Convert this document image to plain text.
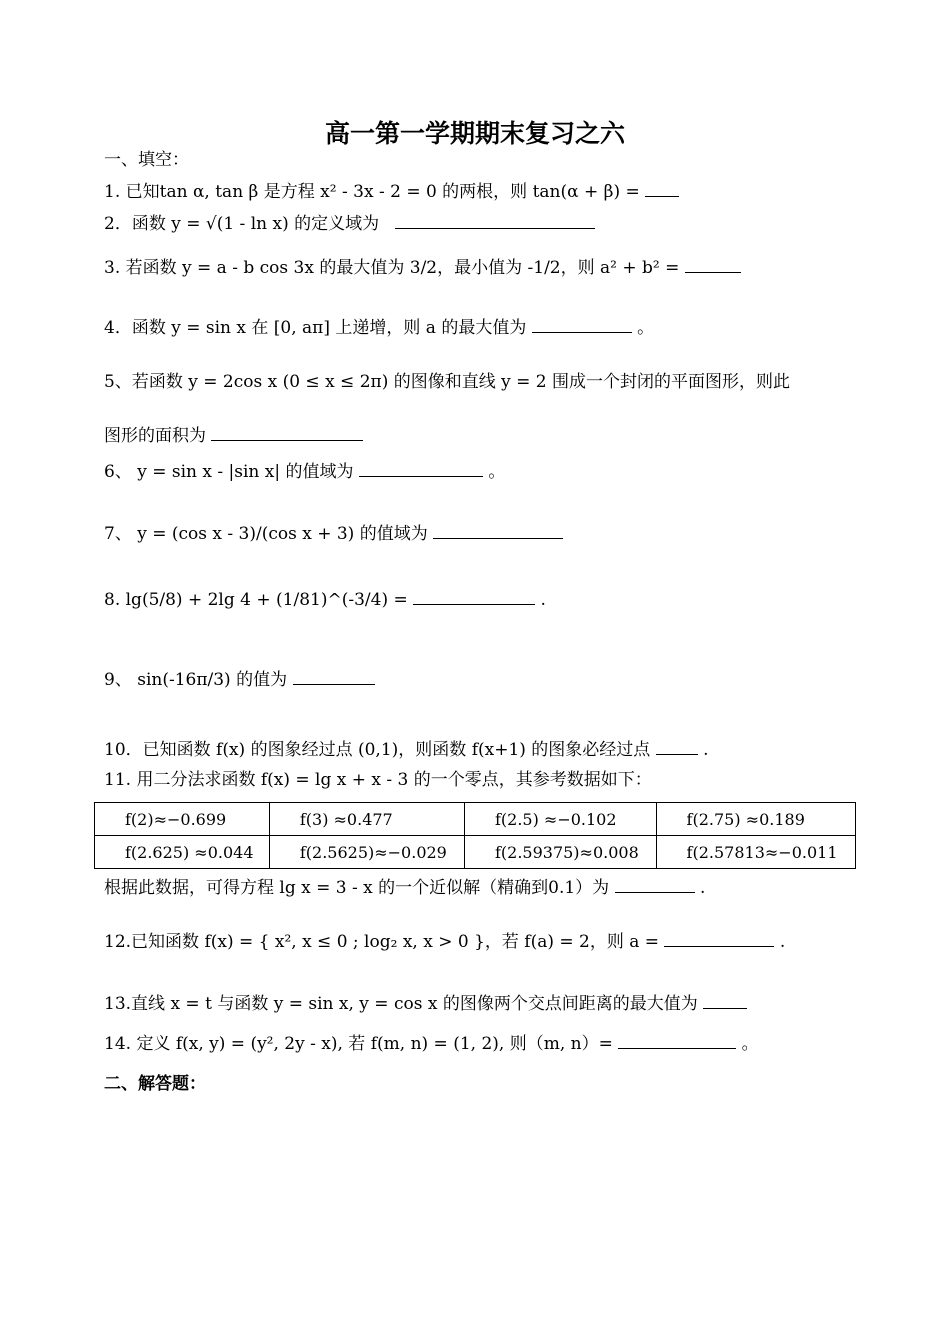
高一第一学期期末复习之六
一、填空：
1. 已知tan α, tan β 是方程 x² - 3x - 2 = 0 的两根，则 tan(α + β) =
2．函数 y = √(1 - ln x) 的定义域为
3. 若函数 y = a - b cos 3x 的最大值为 3/2，最小值为 -1/2，则 a² + b² =
4．函数 y = sin x 在 [0, aπ] 上递增，则 a 的最大值为	。
5、若函数 y = 2cos x (0 ≤ x ≤ 2π) 的图像和直线 y = 2 围成一个封闭的平面图形，则此
图形的面积为
6、 y = sin x - |sin x| 的值域为	。
7、 y = (cos x - 3)/(cos x + 3) 的值域为
8. lg(5/8) + 2lg 4 + (1/81)^(-3/4) =	.
9、 sin(-16π/3) 的值为
10．已知函数 f(x) 的图象经过点 (0,1)，则函数 f(x+1) 的图象必经过点	.
11. 用二分法求函数 f(x) = lg x + x - 3 的一个零点，其参考数据如下：
f(2)≈−0.699	f(3) ≈0.477	f(2.5) ≈−0.102	f(2.75) ≈0.189
f(2.625) ≈0.044	f(2.5625)≈−0.029	f(2.59375)≈0.008	f(2.57813≈−0.011
根据此数据，可得方程 lg x = 3 - x 的一个近似解（精确到0.1）为	.
12.已知函数 f(x) = { x², x ≤ 0 ; log₂ x, x > 0 }，若 f(a) = 2，则 a =	.
13.直线 x = t 与函数 y = sin x, y = cos x 的图像两个交点间距离的最大值为
14. 定义 f(x, y) = (y², 2y - x), 若 f(m, n) = (1, 2), 则（m, n）=	。
二、解答题：
